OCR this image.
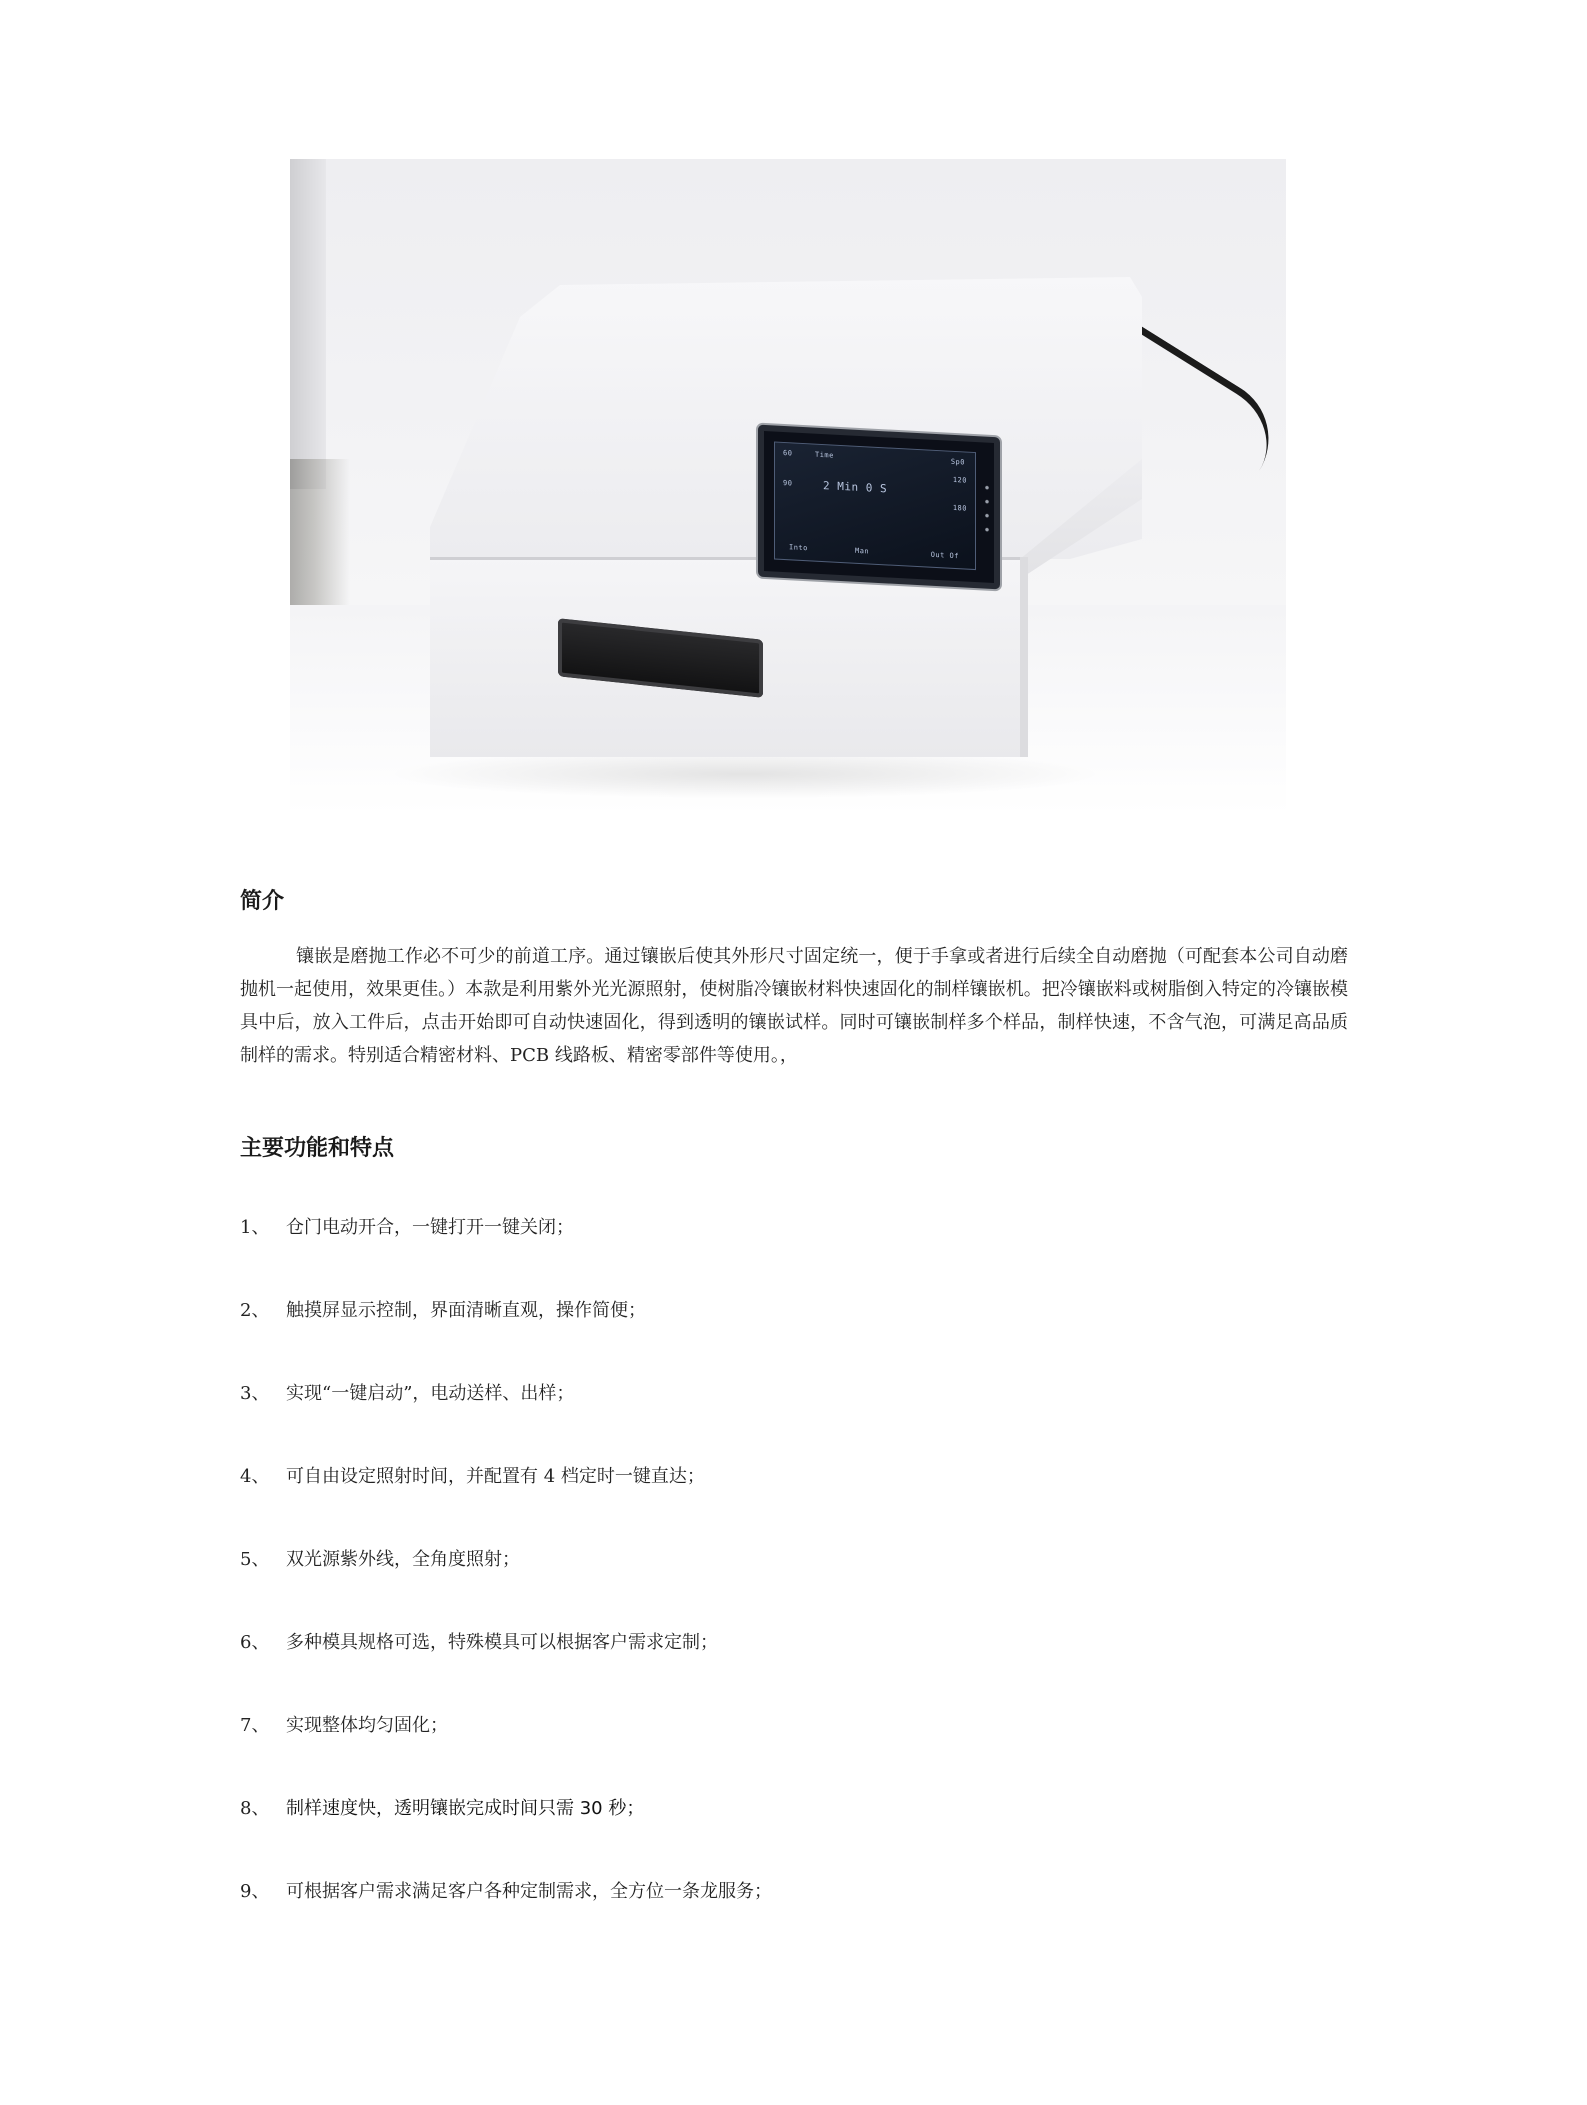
60	Time
Sp0
90	2 Min 0 S	120
180
Into	Man	Out Of
简介

镶嵌是磨抛工作必不可少的前道工序。通过镶嵌后使其外形尺寸固定统一，便于手拿或者进行后续全自动磨抛（可配套本公司自动磨抛机一起使用，效果更佳。）本款是利用紫外光光源照射，使树脂冷镶嵌材料快速固化的制样镶嵌机。把冷镶嵌料或树脂倒入特定的冷镶嵌模具中后，放入工件后，点击开始即可自动快速固化，得到透明的镶嵌试样。同时可镶嵌制样多个样品，制样快速，不含气泡，可满足高品质制样的需求。特别适合精密材料、PCB 线路板、精密零部件等使用。，

主要功能和特点
1、 仓门电动开合，一键打开一键关闭；
2、 触摸屏显示控制，界面清晰直观，操作简便；
3、 实现“一键启动”，电动送样、出样；
4、 可自由设定照射时间，并配置有 4 档定时一键直达；
5、 双光源紫外线，全角度照射；
6、 多种模具规格可选，特殊模具可以根据客户需求定制；
7、 实现整体均匀固化；
8、 制样速度快，透明镶嵌完成时间只需 30 秒；
9、 可根据客户需求满足客户各种定制需求，全方位一条龙服务；
